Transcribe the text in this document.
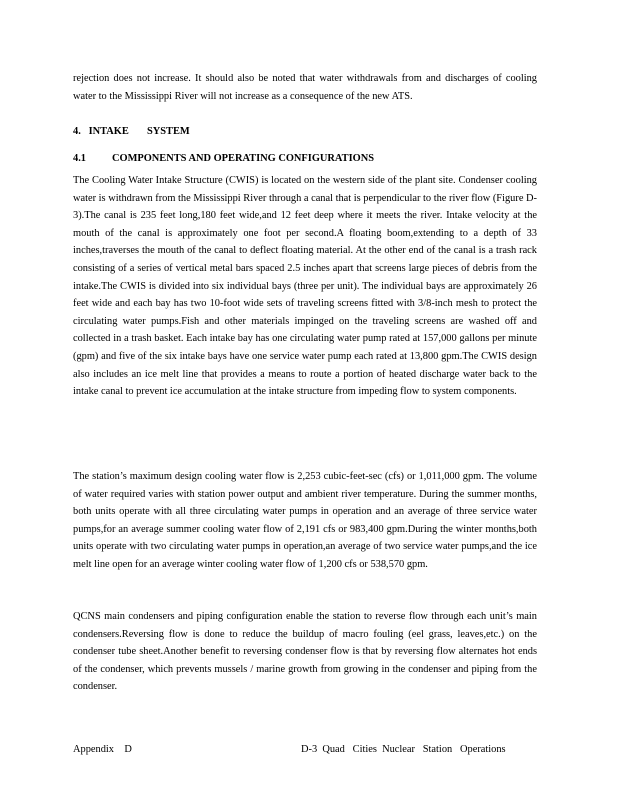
rejection does not increase. It should also be noted that water withdrawals from and discharges of cooling water to the Mississippi River will not increase as a consequence of the new ATS.

4.   INTAKE       SYSTEM

4.1 COMPONENTS AND OPERATING CONFIGURATIONS

The Cooling Water Intake Structure (CWIS) is located on the western side of the plant site. Condenser cooling water is withdrawn from the Mississippi River through a canal that is perpendicular to the river flow (Figure D-3).The canal is 235 feet long,180 feet wide,and 12 feet deep where it meets the river. Intake velocity at the mouth of the canal is approximately one foot per second.A floating boom,extending to a depth of 33 inches,traverses the mouth of the canal to deflect floating material. At the other end of the canal is a trash rack consisting of a series of vertical metal bars spaced 2.5 inches apart that screens large pieces of debris from the intake.The CWIS is divided into six individual bays (three per unit). The individual bays are approximately 26 feet wide and each bay has two 10-foot wide sets of traveling screens fitted with 3/8-inch mesh to protect the circulating water pumps.Fish and other materials impinged on the traveling screens are washed off and collected in a trash basket. Each intake bay has one circulating water pump rated at 157,000 gallons per minute (gpm) and five of the six intake bays have one service water pump each rated at 13,800 gpm.The CWIS design also includes an ice melt line that provides a means to route a portion of heated discharge water back to the intake canal to prevent ice accumulation at the intake structure from impeding flow to system components.

The station’s maximum design cooling water flow is 2,253 cubic-feet-sec (cfs) or 1,011,000 gpm. The volume of water required varies with station power output and ambient river temperature. During the summer months, both units operate with all three circulating water pumps in operation and an average of three service water pumps,for an average summer cooling water flow of 2,191 cfs or 983,400 gpm.During the winter months,both units operate with two circulating water pumps in operation,an average of two service water pumps,and the ice melt line open for an average winter cooling water flow of 1,200 cfs or 538,570 gpm.

QCNS main condensers and piping configuration enable the station to reverse flow through each unit’s main condensers.Reversing flow is done to reduce the buildup of macro fouling (eel grass, leaves,etc.) on the condenser tube sheet.Another benefit to reversing condenser flow is that by reversing flow alternates hot ends of the condenser, which prevents mussels / marine growth from growing in the condenser and piping from the condenser.

Appendix    D	D-3  Quad   Cities  Nuclear   Station   Operations
